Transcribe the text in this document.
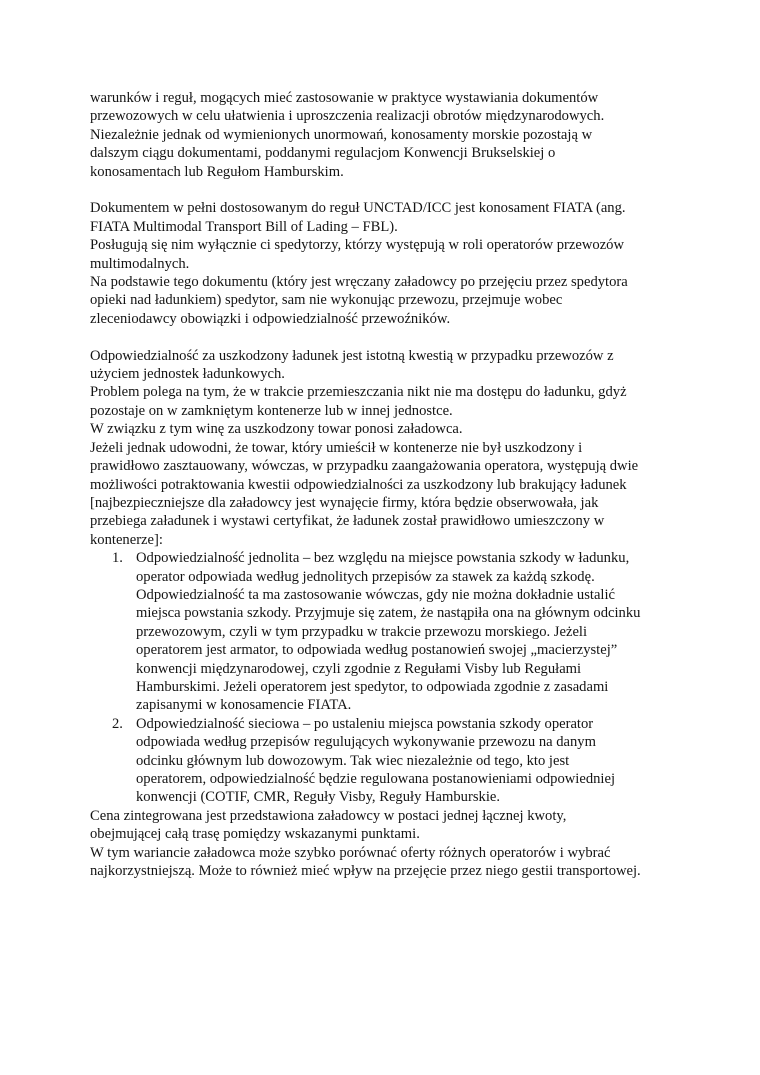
warunków i reguł, mogących mieć zastosowanie w praktyce wystawiania dokumentów
przewozowych w celu ułatwienia i uproszczenia realizacji obrotów międzynarodowych.
Niezależnie jednak od wymienionych unormowań, konosamenty morskie pozostają w
dalszym ciągu dokumentami, poddanymi regulacjom Konwencji Brukselskiej o
konosamentach lub Regułom Hamburskim.

Dokumentem w pełni dostosowanym do reguł UNCTAD/ICC jest konosament FIATA (ang.
FIATA Multimodal Transport Bill of Lading – FBL).
Posługują się nim wyłącznie ci spedytorzy, którzy występują w roli operatorów przewozów
multimodalnych.
Na podstawie tego dokumentu (który jest wręczany załadowcy po przejęciu przez spedytora
opieki nad ładunkiem) spedytor, sam nie wykonując przewozu, przejmuje wobec
zleceniodawcy obowiązki i odpowiedzialność przewoźników.

Odpowiedzialność za uszkodzony ładunek jest istotną kwestią w przypadku przewozów z
użyciem jednostek ładunkowych.
Problem polega na tym, że w trakcie przemieszczania nikt nie ma dostępu do ładunku, gdyż
pozostaje on w zamkniętym kontenerze lub w innej jednostce.
W związku z tym winę za uszkodzony towar ponosi załadowca.
Jeżeli jednak udowodni, że towar, który umieścił w kontenerze nie był uszkodzony i
prawidłowo zasztauowany, wówczas, w przypadku zaangażowania operatora, występują dwie
możliwości potraktowania kwestii odpowiedzialności za uszkodzony lub brakujący ładunek
[najbezpieczniejsze dla załadowcy jest wynajęcie firmy, która będzie obserwowała, jak
przebiega załadunek i wystawi certyfikat, że ładunek został prawidłowo umieszczony w
kontenerze]:

1. Odpowiedzialność jednolita – bez względu na miejsce powstania szkody w ładunku,
operator odpowiada według jednolitych przepisów za stawek za każdą szkodę.
Odpowiedzialność ta ma zastosowanie wówczas, gdy nie można dokładnie ustalić
miejsca powstania szkody. Przyjmuje się zatem, że nastąpiła ona na głównym odcinku
przewozowym, czyli w tym przypadku w trakcie przewozu morskiego. Jeżeli
operatorem jest armator, to odpowiada według postanowień swojej „macierzystej”
konwencji międzynarodowej, czyli zgodnie z Regułami Visby lub Regułami
Hamburskimi. Jeżeli operatorem jest spedytor, to odpowiada zgodnie z zasadami
zapisanymi w konosamencie FIATA.
2. Odpowiedzialność sieciowa – po ustaleniu miejsca powstania szkody operator
odpowiada według przepisów regulujących wykonywanie przewozu na danym
odcinku głównym lub dowozowym. Tak wiec niezależnie od tego, kto jest
operatorem, odpowiedzialność będzie regulowana postanowieniami odpowiedniej
konwencji (COTIF, CMR, Reguły Visby, Reguły Hamburskie.

Cena zintegrowana jest przedstawiona załadowcy w postaci jednej łącznej kwoty,
obejmującej całą trasę pomiędzy wskazanymi punktami.
W tym wariancie załadowca może szybko porównać oferty różnych operatorów i wybrać
najkorzystniejszą. Może to również mieć wpływ na przejęcie przez niego gestii transportowej.
